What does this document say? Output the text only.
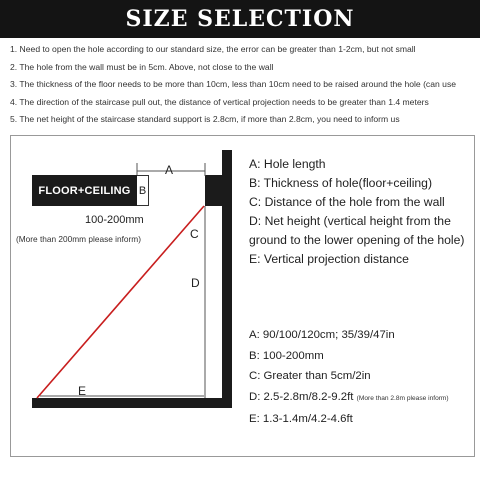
SIZE SELECTION
1. Need to open the hole according to our standard size, the error can be greater than 1-2cm, but not small
2. The hole from the wall must be in 5cm. Above, not close to the wall
3. The thickness of the floor needs to be more than 10cm, less than 10cm need to be raised around the hole (can use
4. The direction of the staircase pull out, the distance of vertical projection needs to be greater than 1.4 meters
5. The net height of the staircase standard support is 2.8cm, if more than 2.8cm, you need to inform us
A
C
D
E
FLOOR+CEILING B
100-200mm
(More than 200mm please inform)
A: Hole length
B: Thickness of hole(floor+ceiling)
C: Distance of the hole from the wall
D: Net height (vertical height from the ground to the lower opening of the hole)
E: Vertical projection distance
A: 90/100/120cm; 35/39/47in
B: 100-200mm
C: Greater than 5cm/2in
D: 2.5-2.8m/8.2-9.2ft (More than 2.8m please inform)
E: 1.3-1.4m/4.2-4.6ft
